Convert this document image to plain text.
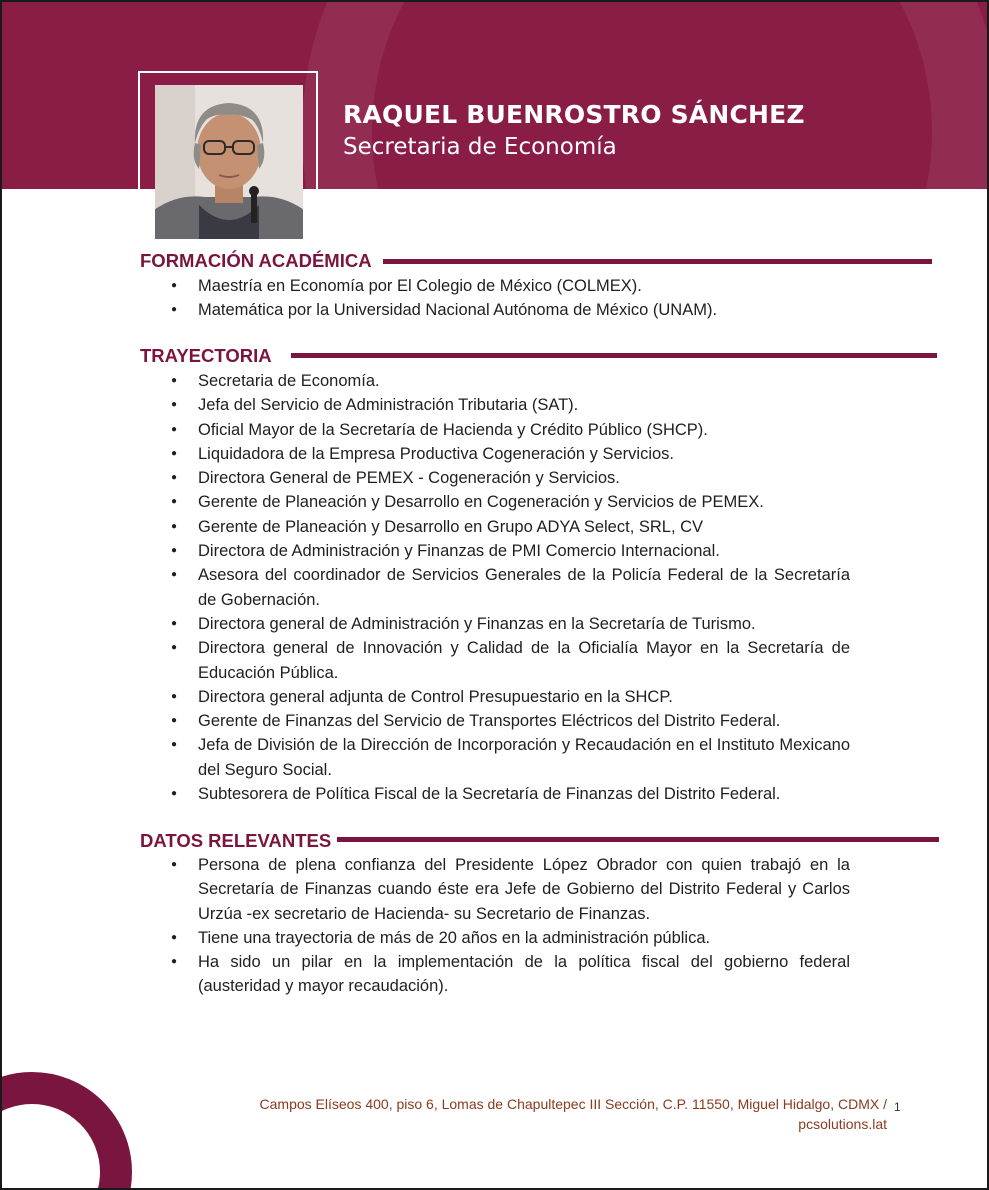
RAQUEL BUENROSTRO SÁNCHEZ
Secretaria de Economía
FORMACIÓN ACADÉMICA
● Maestría en Economía por El Colegio de México (COLMEX).
● Matemática por la Universidad Nacional Autónoma de México (UNAM).
TRAYECTORIA
● Secretaria de Economía.
● Jefa del Servicio de Administración Tributaria (SAT).
● Oficial Mayor de la Secretaría de Hacienda y Crédito Público (SHCP).
● Liquidadora de la Empresa Productiva Cogeneración y Servicios.
● Directora General de PEMEX - Cogeneración y Servicios.
● Gerente de Planeación y Desarrollo en Cogeneración y Servicios de PEMEX.
● Gerente de Planeación y Desarrollo en Grupo ADYA Select, SRL, CV
● Directora de Administración y Finanzas de PMI Comercio Internacional.
● Asesora del coordinador de Servicios Generales de la Policía Federal de la Secretaría de Gobernación.
● Directora general de Administración y Finanzas en la Secretaría de Turismo.
● Directora general de Innovación y Calidad de la Oficialía Mayor en la Secretaría de Educación Pública.
● Directora general adjunta de Control Presupuestario en la SHCP.
● Gerente de Finanzas del Servicio de Transportes Eléctricos del Distrito Federal.
● Jefa de División de la Dirección de Incorporación y Recaudación en el Instituto Mexicano del Seguro Social.
● Subtesorera de Política Fiscal de la Secretaría de Finanzas del Distrito Federal.
DATOS RELEVANTES
● Persona de plena confianza del Presidente López Obrador con quien trabajó en la Secretaría de Finanzas cuando éste era Jefe de Gobierno del Distrito Federal y Carlos Urzúa -ex secretario de Hacienda- su Secretario de Finanzas.
● Tiene una trayectoria de más de 20 años en la administración pública.
● Ha sido un pilar en la implementación de la política fiscal del gobierno federal (austeridad y mayor recaudación).
Campos Elíseos 400, piso 6, Lomas de Chapultepec III Sección, C.P. 11550, Miguel Hidalgo, CDMX /
pcsolutions.lat
1
